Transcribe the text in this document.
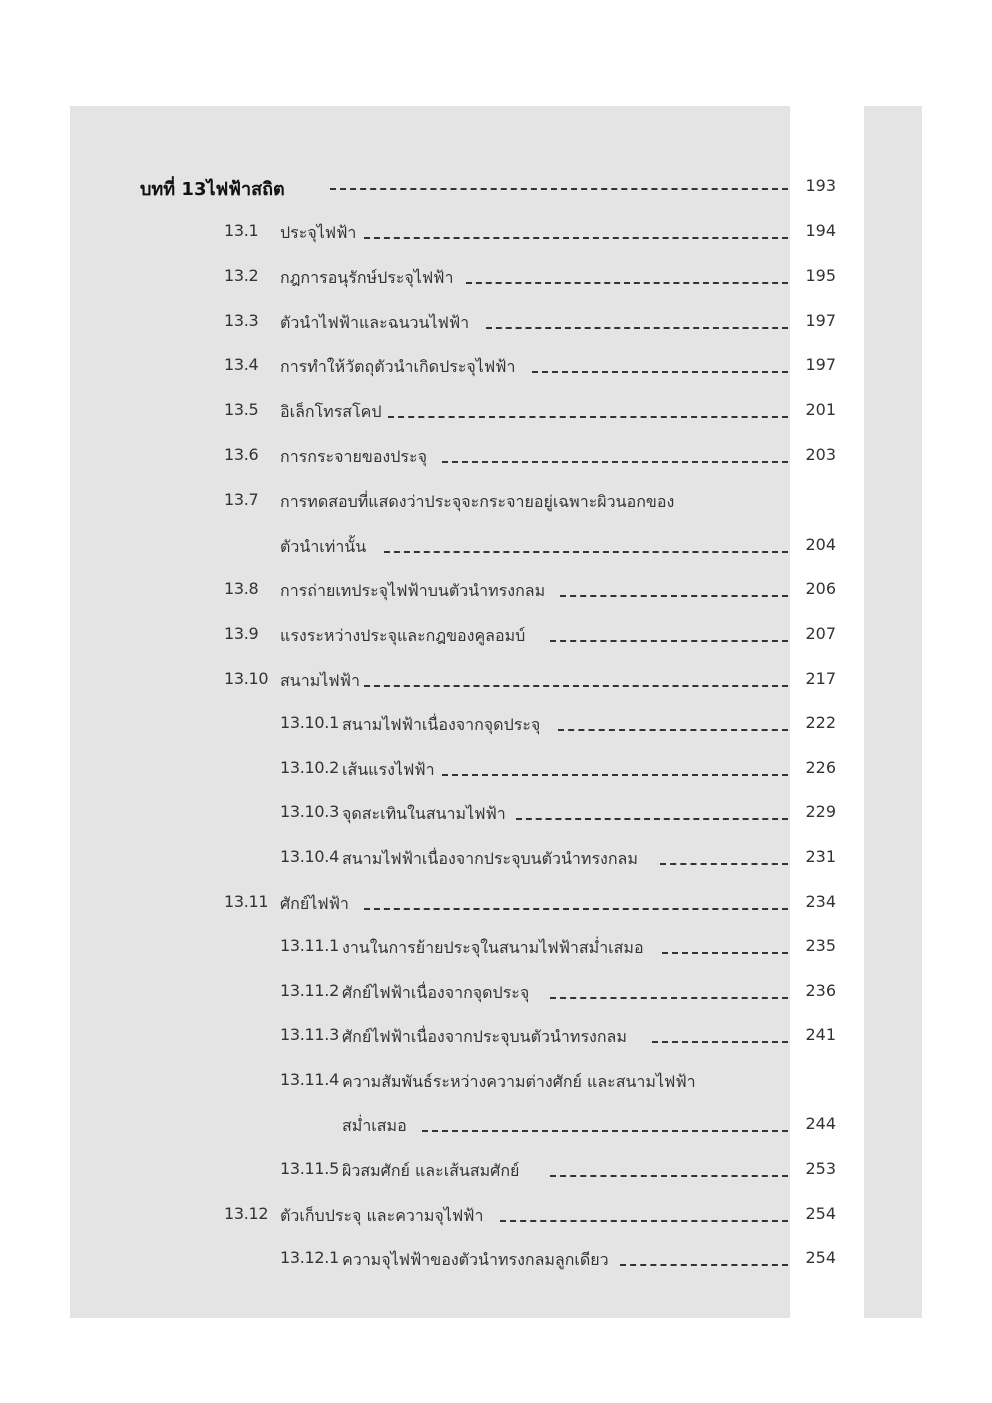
บทที่ 13ไฟฟ้าสถิต	193
13.1 ประจุไฟฟ้า	194
13.2 กฎการอนุรักษ์ประจุไฟฟ้า	195
13.3 ตัวนำไฟฟ้าและฉนวนไฟฟ้า	197
13.4 การทำให้วัตถุตัวนำเกิดประจุไฟฟ้า	197
13.5 อิเล็กโทรสโคป	201
13.6 การกระจายของประจุ	203
13.7 การทดสอบที่แสดงว่าประจุจะกระจายอยู่เฉพาะผิวนอกของ
ตัวนำเท่านั้น	204
13.8 การถ่ายเทประจุไฟฟ้าบนตัวนำทรงกลม	206
13.9 แรงระหว่างประจุและกฎของคูลอมบ์	207
13.10 สนามไฟฟ้า	217
13.10.1 สนามไฟฟ้าเนื่องจากจุดประจุ	222
13.10.2 เส้นแรงไฟฟ้า	226
13.10.3 จุดสะเทินในสนามไฟฟ้า	229
13.10.4 สนามไฟฟ้าเนื่องจากประจุบนตัวนำทรงกลม	231
13.11 ศักย์ไฟฟ้า	234
13.11.1 งานในการย้ายประจุในสนามไฟฟ้าสม่ำเสมอ	235
13.11.2 ศักย์ไฟฟ้าเนื่องจากจุดประจุ	236
13.11.3 ศักย์ไฟฟ้าเนื่องจากประจุบนตัวนำทรงกลม	241
13.11.4 ความสัมพันธ์ระหว่างความต่างศักย์ และสนามไฟฟ้า
สม่ำเสมอ	244
13.11.5 ผิวสมศักย์ และเส้นสมศักย์	253
13.12 ตัวเก็บประจุ และความจุไฟฟ้า	254
13.12.1 ความจุไฟฟ้าของตัวนำทรงกลมลูกเดียว	254
